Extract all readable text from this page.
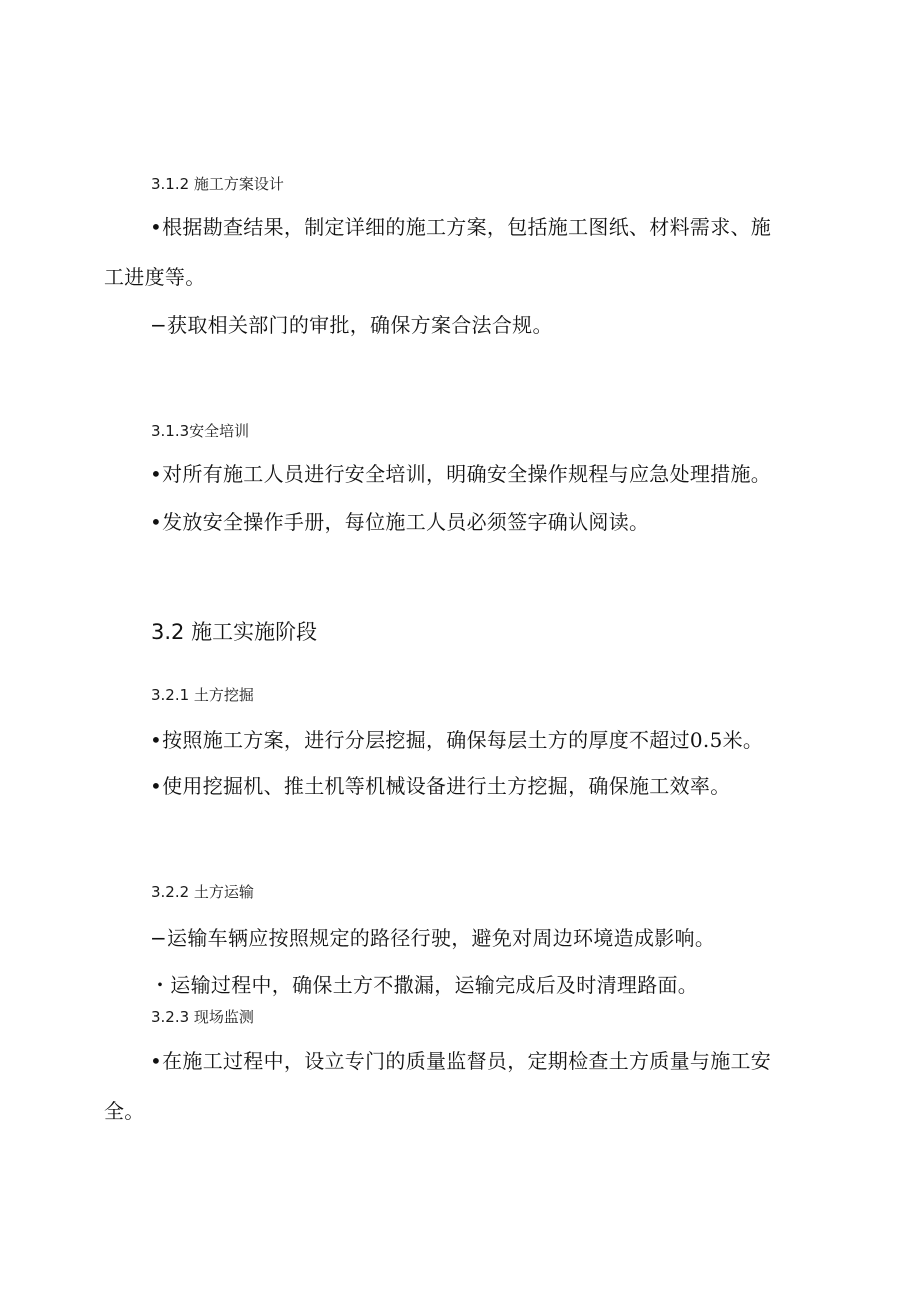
3.1.2 施工方案设计
•根据勘查结果，制定详细的施工方案，包括施工图纸、材料需求、施
工进度等。
−获取相关部门的审批，确保方案合法合规。
3.1.3安全培训
•对所有施工人员进行安全培训，明确安全操作规程与应急处理措施。
•发放安全操作手册，每位施工人员必须签字确认阅读。
3.2 施工实施阶段
3.2.1 土方挖掘
•按照施工方案，进行分层挖掘，确保每层土方的厚度不超过0.5米。
•使用挖掘机、推土机等机械设备进行土方挖掘，确保施工效率。
3.2.2 土方运输
−运输车辆应按照规定的路径行驶，避免对周边环境造成影响。
・运输过程中，确保土方不撒漏，运输完成后及时清理路面。
3.2.3 现场监测
•在施工过程中，设立专门的质量监督员，定期检查土方质量与施工安
全。
